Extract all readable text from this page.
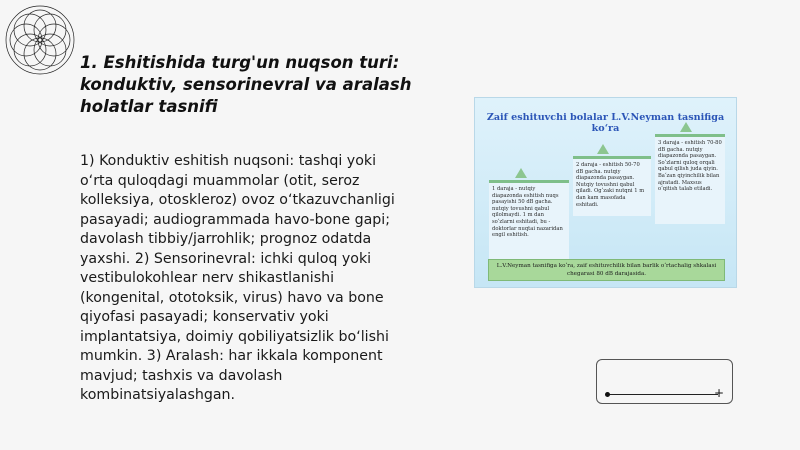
1. Eshitishida turg'un nuqson turi: konduktiv, sensorinevral va aralash holatlar tasnifi
1) Konduktiv eshitish nuqsoni: tashqi yoki o‘rta quloqdagi muammolar (otit, seroz kolleksiya, otoskleroz) ovoz o‘tkazuvchanligi pasayadi; audiogrammada havo-bone gapi; davolash tibbiy/jarrohlik; prognoz odatda yaxshi. 2) Sensorinevral: ichki quloq yoki vestibulokohlear nerv shikastlanishi (kongenital, ototoksik, virus) havo va bone qiyofasi pasayadi; konservativ yoki implantatsiya, doimiy qobiliyatsizlik bo‘lishi mumkin. 3) Aralash: har ikkala komponent mavjud; tashxis va davolash kombinatsiyalashgan.
Zaif eshituvchi bolalar L.V.Neyman tasnifiga ko‘ra
1 daraja - nutqiy diapazonda eshitish nuqs pasayishi 50 dB gacha. nutqiy tovushni qabul qilolmaydi. 1 m dan so‘zlarni eshitadi, bu - doktorlar nuqtai nazaridan engil eshitish.
2 daraja - eshitish 50-70 dB gacha. nutqiy diapazonda pasaygan. Nutqiy tovushni qabul qiladi. Og‘zaki nutqni 1 m dan kam masofada eshitadi.
3 daraja - eshitish 70-80 dB gacha. nutqiy diapazonda pasaygan. So‘zlarni quloq orqali qabul qilish juda qiyin. Ba‘zan qiyinchilik bilan ajratadi. Maxsus o‘qitish talab etiladi.
L.V.Neyman tasnifiga ko‘ra, zaif eshituvchilik bilan barlik o‘rtachalig shkalasi chegarasi 80 dB darajasida.
+
